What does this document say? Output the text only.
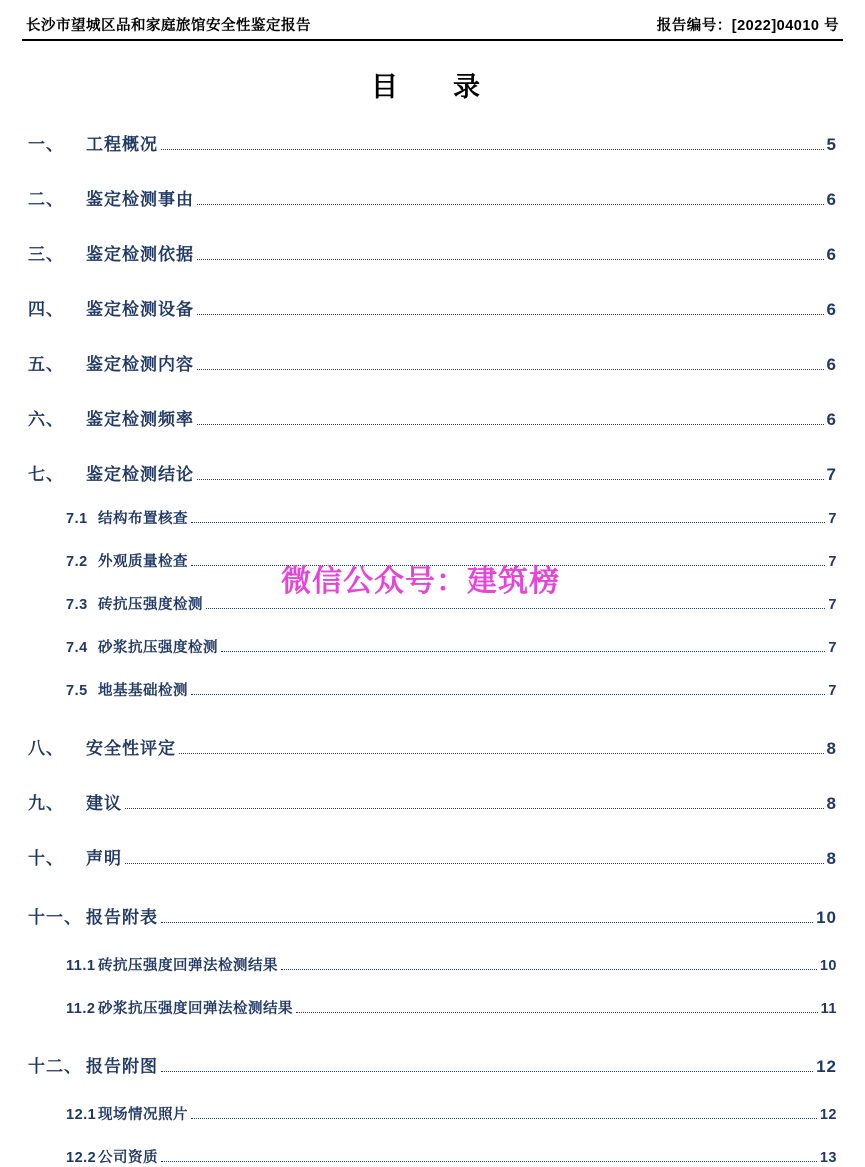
长沙市望城区品和家庭旅馆安全性鉴定报告	报告编号：[2022]04010 号
目　录
一、	工程概况	5
二、	鉴定检测事由	6
三、	鉴定检测依据	6
四、	鉴定检测设备	6
五、	鉴定检测内容	6
六、	鉴定检测频率	6
七、	鉴定检测结论	7
7.1 结构布置核查	7
7.2 外观质量检查	7
7.3 砖抗压强度检测	7
7.4 砂浆抗压强度检测	7
7.5 地基基础检测	7
八、	安全性评定	8
九、	建议	8
十、	声明	8
十一、 报告附表	10
11.1 砖抗压强度回弹法检测结果	10
11.2 砂浆抗压强度回弹法检测结果	11
十二、 报告附图	12
12.1 现场情况照片	12
12.2 公司资质	13
微信公众号：建筑榜
